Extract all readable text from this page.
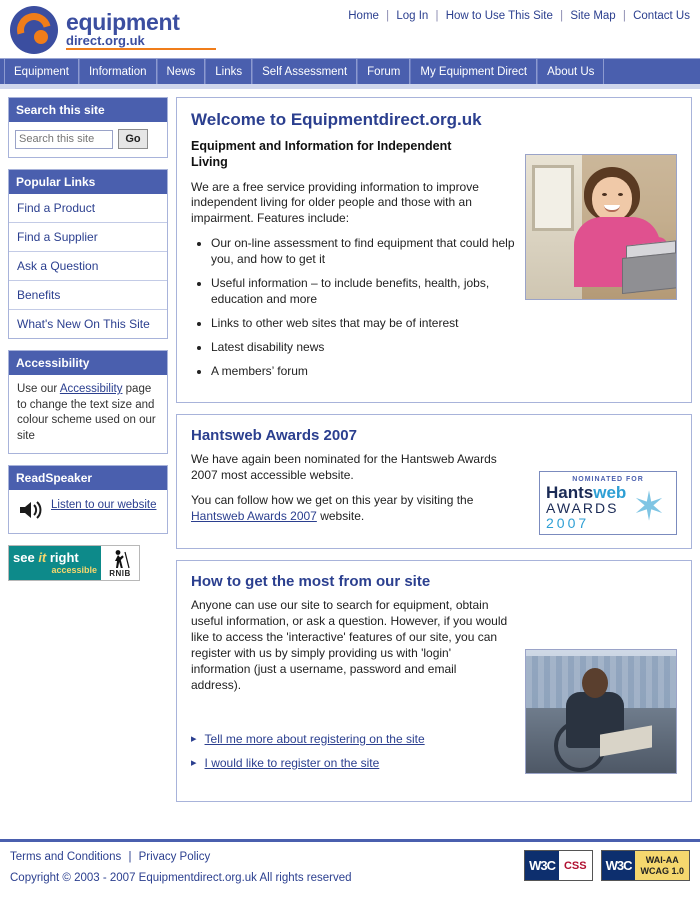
equipment
direct.org.uk
Home | Log In | How to Use This Site | Site Map | Contact Us
Equipment	Information	News	Links	Self Assessment	Forum	My Equipment Direct	About Us
Search this site
Search this site
Go
Popular Links
Find a Product
Find a Supplier
Ask a Question
Benefits
What's New On This Site
Accessibility
Use our Accessibility page to change the text size and colour scheme used on our site
ReadSpeaker
Listen to our website
see it right
accessible RNIB
Welcome to Equipmentdirect.org.uk
Equipment and Information for Independent Living

We are a free service providing information to improve independent living for older people and those with an impairment. Features include:

• Our on-line assessment to find equipment that could help you, and how to get it
• Useful information – to include benefits, health, jobs, education and more
• Links to other web sites that may be of interest
• Latest disability news
• A members’ forum
Hantsweb Awards 2007

We have again been nominated for the Hantsweb Awards 2007 most accessible website.

You can follow how we get on this year by visiting the Hantsweb Awards 2007 website.

NOMINATED FOR
Hantsweb
AWARDS
2007	✶
How to get the most from our site

Anyone can use our site to search for equipment, obtain useful information, or ask a question. However, if you would like to access the 'interactive' features of our site, you can register with us by simply providing us with 'login' information (just a username, password and email address).

▸ Tell me more about registering on the site
▸ I would like to register on the site
Terms and Conditions | Privacy Policy
Copyright © 2003 - 2007 Equipmentdirect.org.uk All rights reserved
W3C CSS	W3C	WAI-AA
WCAG 1.0
